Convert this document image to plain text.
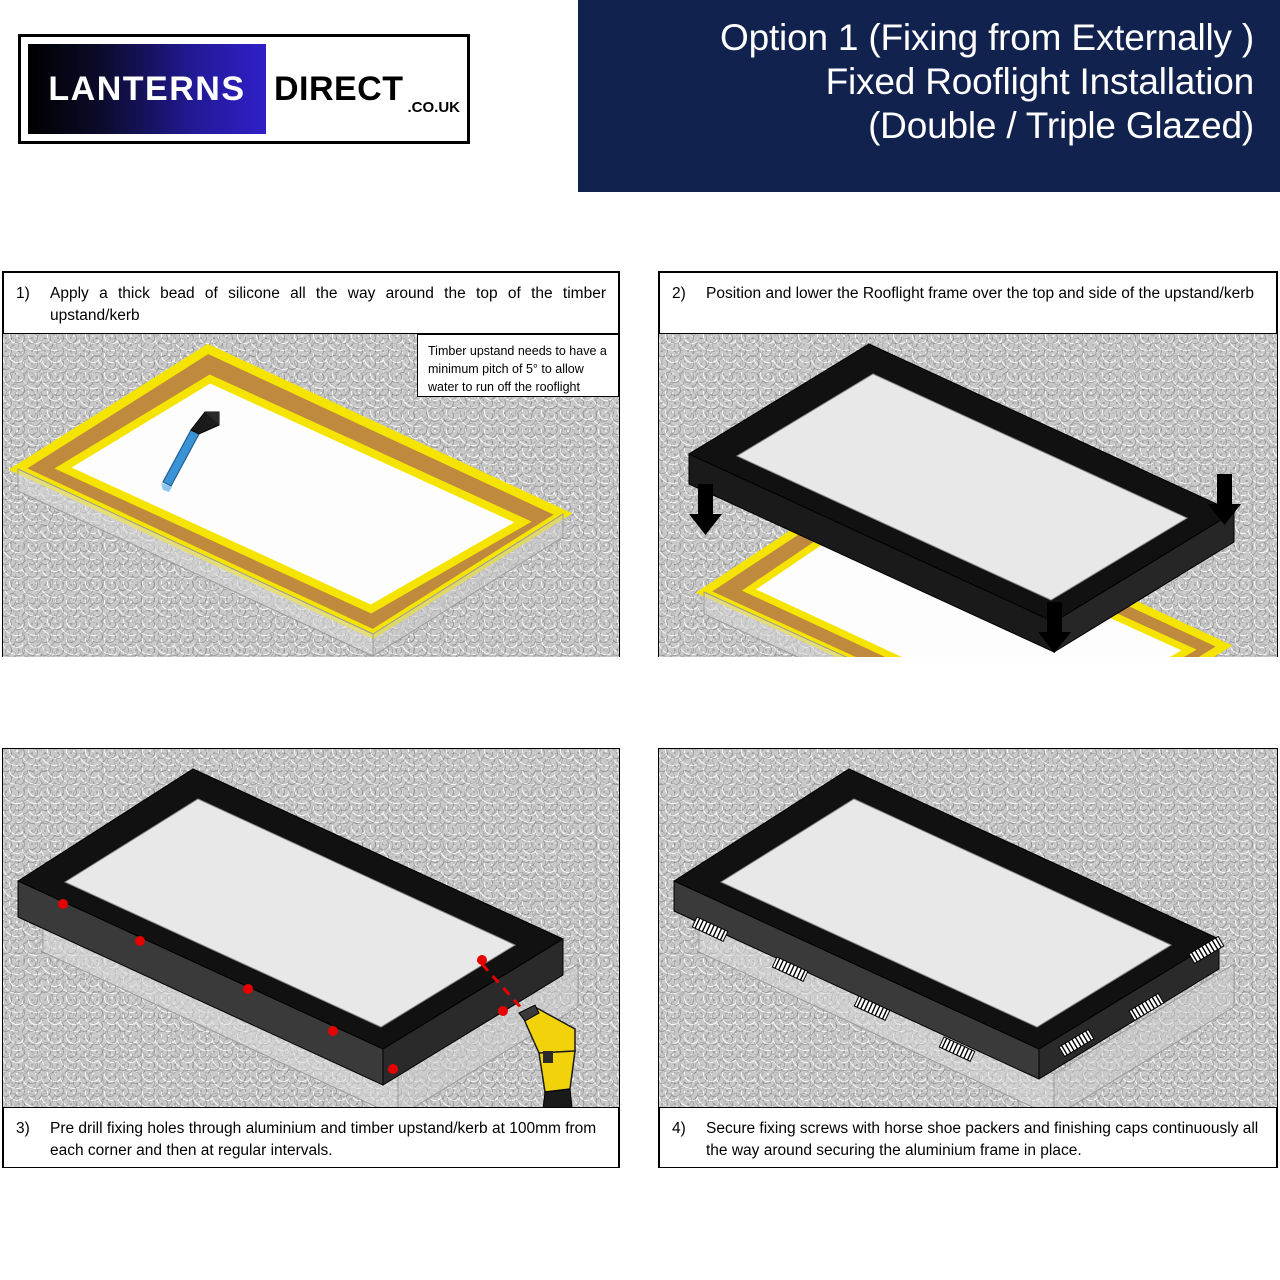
Option 1 (Fixing from Externally )
Fixed Rooflight Installation
(Double / Triple Glazed)
LANTERNS DIRECT .CO.UK
1)	Apply a thick bead of silicone all the way around the top of the timber upstand/kerb
Timber upstand needs to have a minimum pitch of 5° to allow water to run off the rooflight
2)	Position and lower the Rooflight frame over the top and side of the upstand/kerb
3)	Pre drill fixing holes through aluminium and timber upstand/kerb at 100mm from each corner and then at regular intervals.
4)	Secure fixing screws with horse shoe packers and finishing caps continuously all the way around securing the aluminium frame in place.
